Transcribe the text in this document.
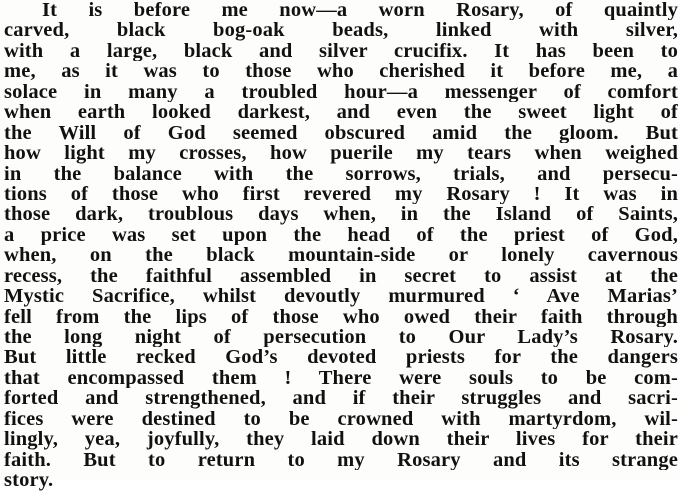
It is before me now—a worn Rosary, of quaintly
carved, black bog-oak beads, linked with silver,
with a large, black and silver crucifix. It has been to
me, as it was to those who cherished it before me, a
solace in many a troubled hour—a messenger of comfort
when earth looked darkest, and even the sweet light of
the Will of God seemed obscured amid the gloom. But
how light my crosses, how puerile my tears when weighed
in the balance with the sorrows, trials, and persecu-
tions of those who first revered my Rosary ! It was in
those dark, troublous days when, in the Island of Saints,
a price was set upon the head of the priest of God,
when, on the black mountain-side or lonely cavernous
recess, the faithful assembled in secret to assist at the
Mystic Sacrifice, whilst devoutly murmured ‘ Ave Marias’
fell from the lips of those who owed their faith through
the long night of persecution to Our Lady’s Rosary.
But little recked God’s devoted priests for the dangers
that encompassed them ! There were souls to be com-
forted and strengthened, and if their struggles and sacri-
fices were destined to be crowned with martyrdom, wil-
lingly, yea, joyfully, they laid down their lives for their
faith. But to return to my Rosary and its strange
story.
